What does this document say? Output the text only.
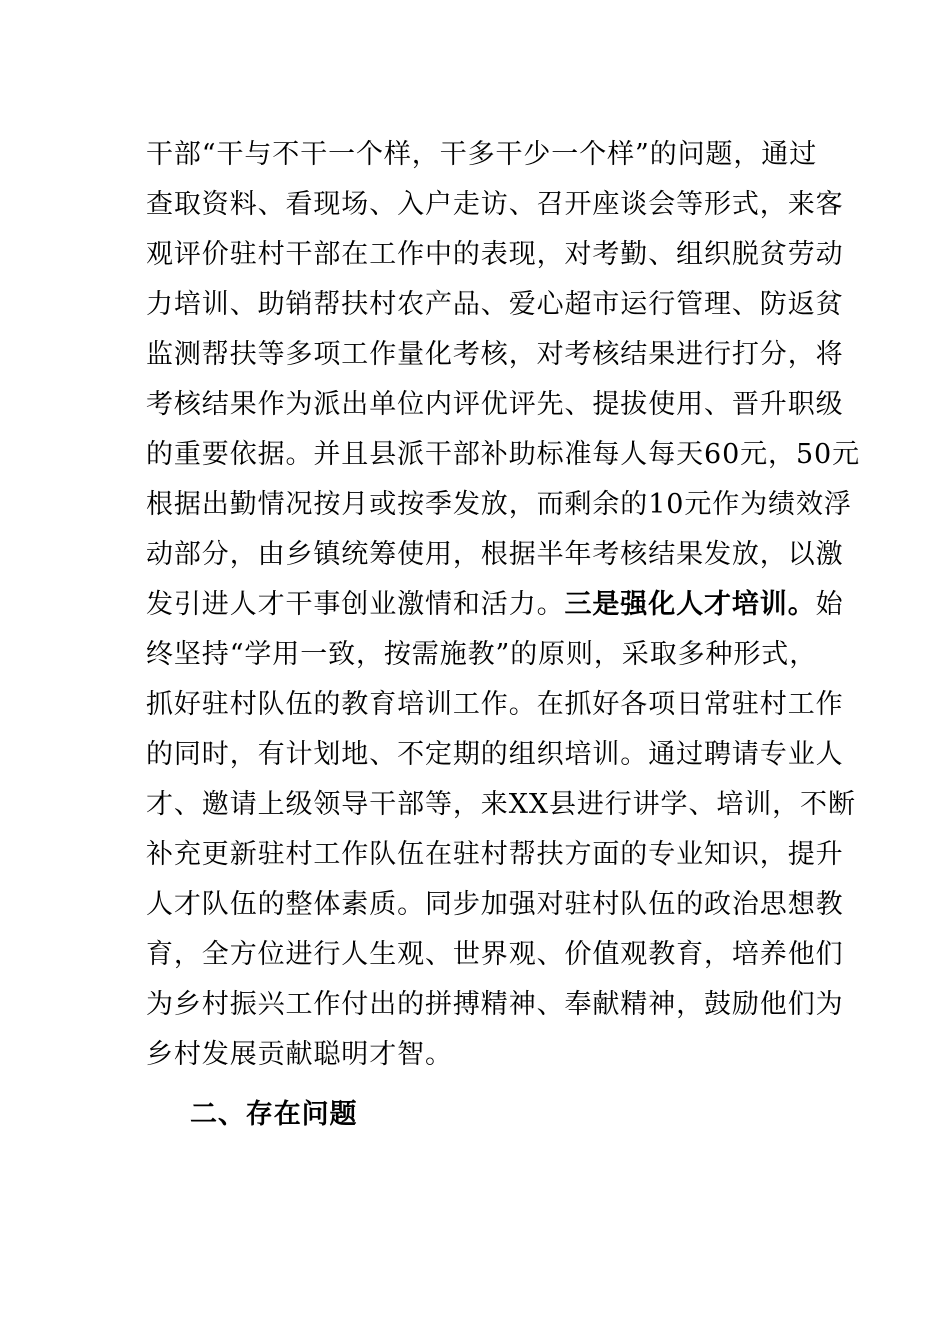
干部“干与不干一个样，干多干少一个样”的问题，通过
查取资料、看现场、入户走访、召开座谈会等形式，来客
观评价驻村干部在工作中的表现，对考勤、组织脱贫劳动
力培训、助销帮扶村农产品、爱心超市运行管理、防返贫
监测帮扶等多项工作量化考核，对考核结果进行打分，将
考核结果作为派出单位内评优评先、提拔使用、晋升职级
的重要依据。并且县派干部补助标准每人每天60元，50元
根据出勤情况按月或按季发放，而剩余的10元作为绩效浮
动部分，由乡镇统筹使用，根据半年考核结果发放，以激
发引进人才干事创业激情和活力。三是强化人才培训。始
终坚持“学用一致，按需施教”的原则，采取多种形式，
抓好驻村队伍的教育培训工作。在抓好各项日常驻村工作
的同时，有计划地、不定期的组织培训。通过聘请专业人
才、邀请上级领导干部等，来XX县进行讲学、培训，不断
补充更新驻村工作队伍在驻村帮扶方面的专业知识，提升
人才队伍的整体素质。同步加强对驻村队伍的政治思想教
育，全方位进行人生观、世界观、价值观教育，培养他们
为乡村振兴工作付出的拼搏精神、奉献精神，鼓励他们为
乡村发展贡献聪明才智。
二、存在问题
